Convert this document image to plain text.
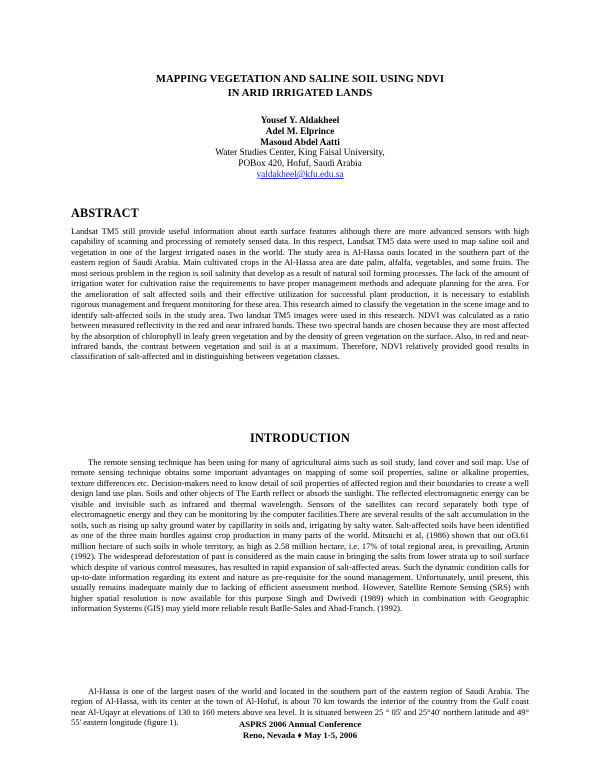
MAPPING VEGETATION AND SALINE SOIL USING NDVI
IN ARID IRRIGATED LANDS
Yousef Y. Aldakheel
Adel M. Elprince
Masoud Abdel Aatti
Water Studies Center, King Faisal University,
POBox 420, Hofuf, Saudi Arabia
yaldakheel@kfu.edu.sa
ABSTRACT
Landsat TM5 still provide useful information about earth surface features although there are more advanced sensors with high capability of scanning and processing of remotely sensed data. In this respect, Landsat TM5 data were used to map saline soil and vegetation in one of the largest irrigated oases in the world. The study area is Al-Hassa oasis located in the southern part of the eastern region of Saudi Arabia. Main cultivated crops in the Al-Hassa area are date palm, alfalfa, vegetables, and some fruits. The most serious problem in the region is soil salinity that develop as a result of natural soil forming processes. The lack of the amount of irrigation water for cultivation raise the requirements to have proper management methods and adequate planning for the area. For the amelioration of salt affected soils and their effective utilization for successful plant production, it is necessary to establish rigorous management and frequent monitoring for these area. This research aimed to classify the vegetation in the scene image and to identify salt-affected soils in the study area. Two landsat TM5 images were used in this research. NDVI was calculated as a ratio between measured reflectivity in the red and near infrared bands. These two spectral bands are chosen because they are most affected by the absorption of chlorophyll in leafy green vegetation and by the density of green vegetation on the surface. Also, in red and near-infrared bands, the contrast between vegetation and soil is at a maximum. Therefore, NDVI relatively provided good results in classification of salt-affected and in distinguishing between vegetation classes.
INTRODUCTION
The remote sensing technique has been using for many of agricultural aims such as soil study, land cover and soil map. Use of remote sensing technique obtains some important advantages on mapping of some soil properties, saline or alkaline properties, texture differences etc. Decision-makers need to know detail of soil properties of affected region and their boundaries to create a well design land use plan. Soils and other objects of The Earth reflect or absorb the sunlight. The reflected electromagnetic energy can be visible and invisible such as infrared and thermal wavelength. Sensors of the satellites can record separately both type of electromagnetic energy and they can be monitoring by the computer facilities.There are several results of the salt accumulation in the soils, such as rising up salty ground water by capillarity in soils and, irrigating by salty water. Salt-affected soils have been identified as one of the three main hurdles against crop production in many parts of the world. Mitsuchi et al, (1986) shown that out of3.61 million hectare of such soils in whole territory, as high as 2.58 million hectare, i.e. 17% of total regional area, is prevailing, Arunin (1992). The widespread deforestation of past is considered as the main cause in bringing the salts from lower strata up to soil surface which despite of various control measures, has resulted in rapid expansion of salt-affected areas. Such the dynamic condition calls for up-to-date information regarding its extent and nature as pre-requisite for the sound management. Unfortunately, until present, this usually remains inadequate mainly due to lacking of efficient assessment method. However, Satellite Remote Sensing (SRS) with higher spatial resolution is now available for this purpose Singh and Dwivedi (1989) which in combination with Geographic information Systems (GIS) may yield more reliable result Batlle-Sales and Abad-Franch. (1992).
Al-Hassa is one of the largest oases of the world and located in the southern part of the eastern region of Saudi Arabia. The region of Al-Hassa, with its center at the town of Al-Hofuf, is about 70 km towards the interior of the country from the Gulf coast near Al-Uqayr at elevations of 130 to 160 meters above sea level. It is situated between 25 ° 05' and 25°40' northern latitude and 49° 55' eastern longitude (figure 1).	ASPRS 2006 Annual Conference
Reno, Nevada ♦ May 1-5, 2006
